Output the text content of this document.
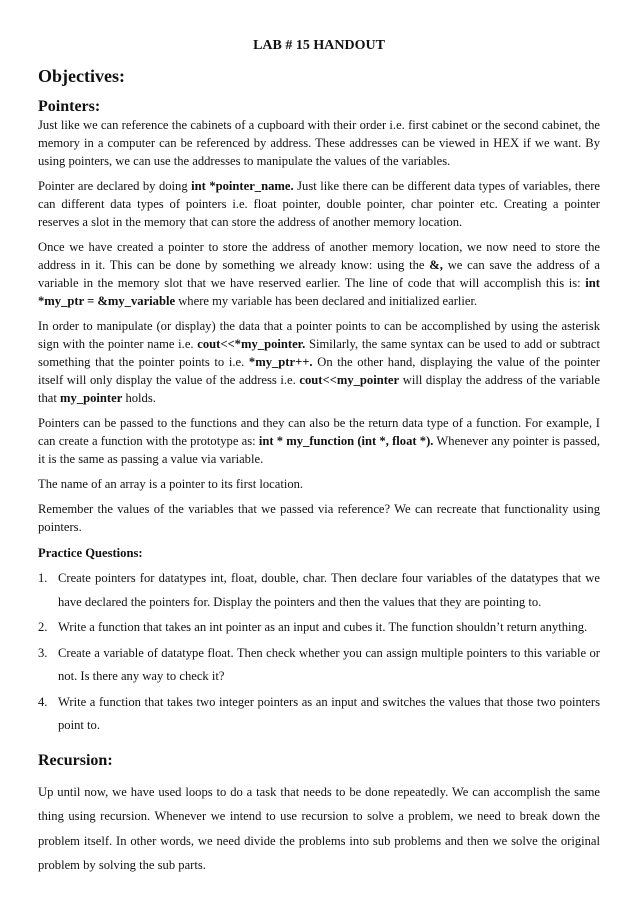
LAB # 15 HANDOUT
Objectives:
Pointers:

Just like we can reference the cabinets of a cupboard with their order i.e. first cabinet or the second cabinet, the memory in a computer can be referenced by address. These addresses can be viewed in HEX if we want. By using pointers, we can use the addresses to manipulate the values of the variables.

Pointer are declared by doing int *pointer_name. Just like there can be different data types of variables, there can different data types of pointers i.e. float pointer, double pointer, char pointer etc. Creating a pointer reserves a slot in the memory that can store the address of another memory location.

Once we have created a pointer to store the address of another memory location, we now need to store the address in it. This can be done by something we already know: using the &, we can save the address of a variable in the memory slot that we have reserved earlier. The line of code that will accomplish this is: int *my_ptr = &my_variable where my variable has been declared and initialized earlier.

In order to manipulate (or display) the data that a pointer points to can be accomplished by using the asterisk sign with the pointer name i.e. cout<<*my_pointer. Similarly, the same syntax can be used to add or subtract something that the pointer points to i.e. *my_ptr++. On the other hand, displaying the value of the pointer itself will only display the value of the address i.e. cout<<my_pointer will display the address of the variable that my_pointer holds.

Pointers can be passed to the functions and they can also be the return data type of a function. For example, I can create a function with the prototype as: int * my_function (int *, float *). Whenever any pointer is passed, it is the same as passing a value via variable.

The name of an array is a pointer to its first location.

Remember the values of the variables that we passed via reference? We can recreate that functionality using pointers.

Practice Questions:
1. Create pointers for datatypes int, float, double, char. Then declare four variables of the datatypes that we have declared the pointers for. Display the pointers and then the values that they are pointing to.
2. Write a function that takes an int pointer as an input and cubes it. The function shouldn’t return anything.
3. Create a variable of datatype float. Then check whether you can assign multiple pointers to this variable or not. Is there any way to check it?
4. Write a function that takes two integer pointers as an input and switches the values that those two pointers point to.
Recursion:

Up until now, we have used loops to do a task that needs to be done repeatedly. We can accomplish the same thing using recursion. Whenever we intend to use recursion to solve a problem, we need to break down the problem itself. In other words, we need divide the problems into sub problems and then we solve the original problem by solving the sub parts.
